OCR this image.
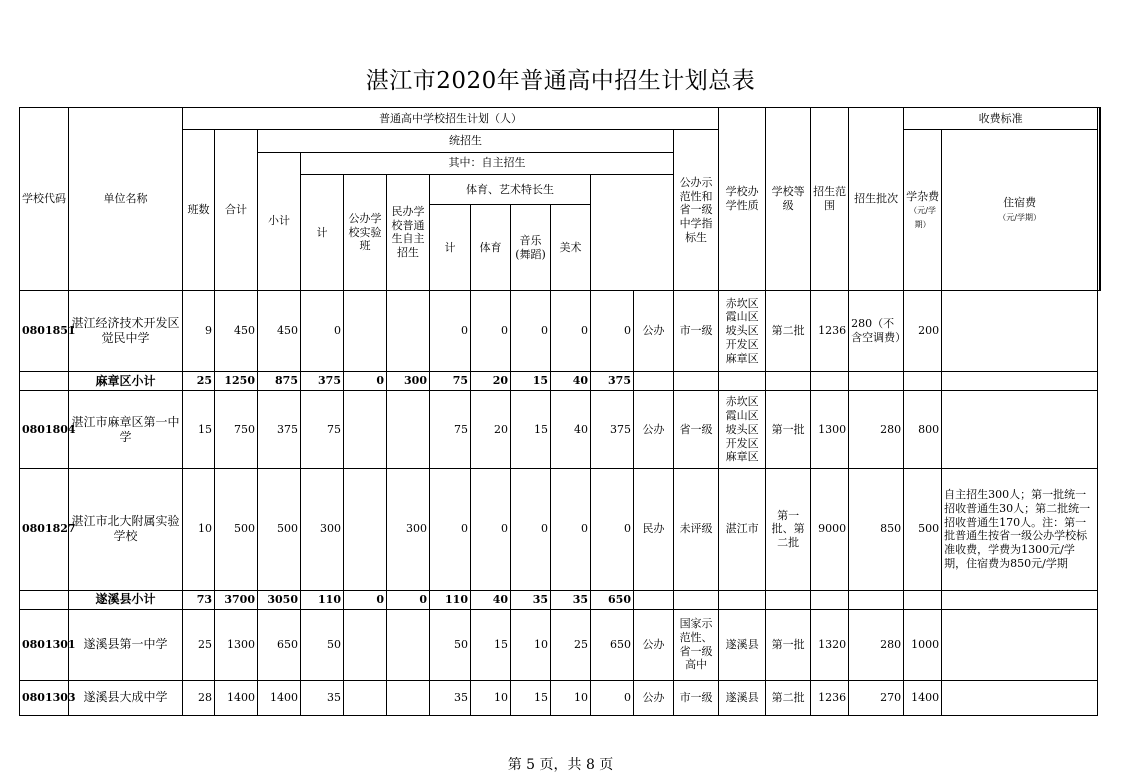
湛江市2020年普通高中招生计划总表
学校代码	单位名称	普通高中学校招生计划（人）													学校办学性质	学校等级	招生范围	招生批次	收费标准		
		班数	合计	统招生										公办示范性和省一级中学指标生					学杂费（元/学期）	住宿费
（元/学期）		
				小计	其中：自主招生																	
					计	公办学校实验班	民办学校普通生自主招生	体育、艺术特长生														
								计	体育	音乐(舞蹈)	美术											
0801851	湛江经济技术开发区觉民中学	9	450	450	0			0	0	0	0	0	公办	市一级	赤坎区霞山区坡头区开发区麻章区	第二批	1236	280（不含空调费）	200			
	麻章区小计	25	1250	875	375	0	300	75	20	15	40	375										
0801804	湛江市麻章区第一中学	15	750	375	75			75	20	15	40	375	公办	省一级	赤坎区霞山区坡头区开发区麻章区	第一批	1300	280	800			
0801827	湛江市北大附属实验学校	10	500	500	300		300	0	0	0	0	0	民办	未评级	湛江市	第一批、第二批	9000	850	500	自主招生300人；第一批统一招收普通生30人；第二批统一招收普通生170人。注：第一批普通生按省一级公办学校标准收费，学费为1300元/学期，住宿费为850元/学期		
	遂溪县小计	73	3700	3050	110	0	0	110	40	35	35	650										
0801301	遂溪县第一中学	25	1300	650	50			50	15	10	25	650	公办	国家示范性、省一级高中	遂溪县	第一批	1320	280	1000			
0801303	遂溪县大成中学	28	1400	1400	35			35	10	15	10	0	公办	市一级	遂溪县	第二批	1236	270	1400			
第 5 页，共 8 页
